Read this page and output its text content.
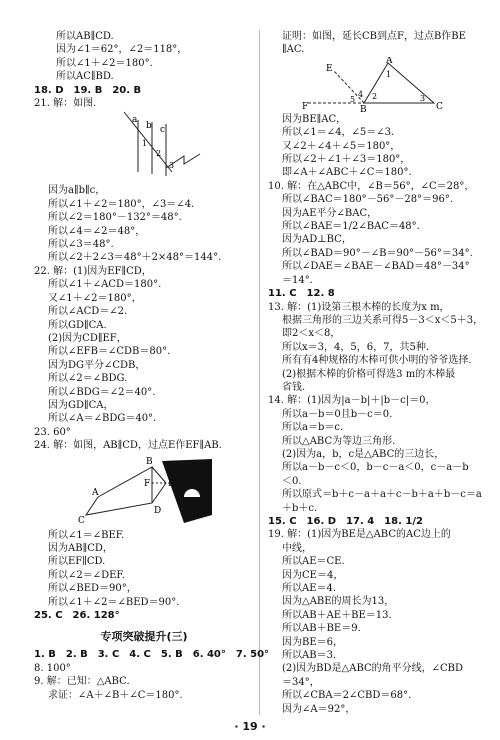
所以AB∥CD.
因为∠1＝62°，∠2＝118°，
所以∠1＋∠2＝180°.
所以AC∥BD.
18. D　19. B　20. B
21. 解：如图.
a
b c
1
2
3
因为a∥b∥c，
所以∠1＋∠2＝180°，∠3＝∠4.
所以∠2＝180°－132°＝48°.
所以∠4＝∠2＝48°，
所以∠3＝48°.
所以∠2＋2∠3＝48°＋2×48°＝144°.
22. 解：(1)因为EF∥CD，
所以∠1＋∠ACD＝180°.
又∠1＋∠2＝180°，
所以∠ACD＝∠2.
所以GD∥CA.
(2)因为CD∥EF，
所以∠EFB＝∠CDB＝80°.
因为DG平分∠CDB，
所以∠2＝∠BDG.
所以∠BDG＝∠2＝40°.
因为GD∥CA，
所以∠A＝∠BDG＝40°.
23. 60°
24. 解：如图，AB∥CD，过点E作EF∥AB.
A
B
C
D
E
F
所以∠1＝∠BEF.
因为AB∥CD，
所以EF∥CD.
所以∠2＝∠DEF.
所以∠BED＝90°，
所以∠1＋∠2＝∠BED＝90°.
25. C　26. 128°
专项突破提升(三)
1. B　2. B　3. C　4. C　5. B　6. 40°　7. 50°
8. 100°
9. 解：已知：△ABC.
求证：∠A＋∠B＋∠C＝180°.
证明：如图，延长CB到点F，过点B作BE
∥AC.
A
B	C
E
F
1
2	3
4
5
因为BE∥AC，
所以∠1＝∠4，∠5＝∠3.
又∠2＋∠4＋∠5＝180°，
所以∠2＋∠1＋∠3＝180°，
即∠A＋∠ABC＋∠C＝180°.
10. 解：在△ABC中，∠B＝56°，∠C＝28°，
所以∠BAC＝180°－56°－28°＝96°.
因为AE平分∠BAC，
所以∠BAE＝1/2∠BAC＝48°.
因为AD⊥BC，
所以∠BAD＝90°－∠B＝90°－56°＝34°.
所以∠DAE＝∠BAE－∠BAD＝48°－34°
＝14°.
11. C　12. 8
13. 解：(1)设第三根木棒的长度为x m，
根据三角形的三边关系可得5－3＜x＜5＋3，
即2＜x＜8，
所以x＝3，4，5，6，7，共5种.
所有有4种规格的木棒可供小明的爷爷选择.
(2)根据木棒的价格可得选3 m的木棒最
省钱.
14. 解：(1)因为|a－b|＋|b－c|＝0，
所以a－b＝0且b－c＝0.
所以a＝b＝c.
所以△ABC为等边三角形.
(2)因为a，b，c是△ABC的三边长，
所以a－b－c＜0，b－c－a＜0，c－a－b
＜0.
所以原式＝b＋c－a＋a＋c－b＋a＋b－c＝a
＋b＋c.
15. C　16. D　17. 4　18. 1/2
19. 解：(1)因为BE是△ABC的AC边上的
中线，
所以AE＝CE.
因为CE＝4，
所以AE＝4.
因为△ABE的周长为13，
所以AB＋AE＋BE＝13.
所以AB＋BE＝9.
因为BE＝6，
所以AB＝3.
(2)因为BD是△ABC的角平分线，∠CBD
＝34°，
所以∠CBA＝2∠CBD＝68°.
因为∠A＝92°，
· 19 ·
